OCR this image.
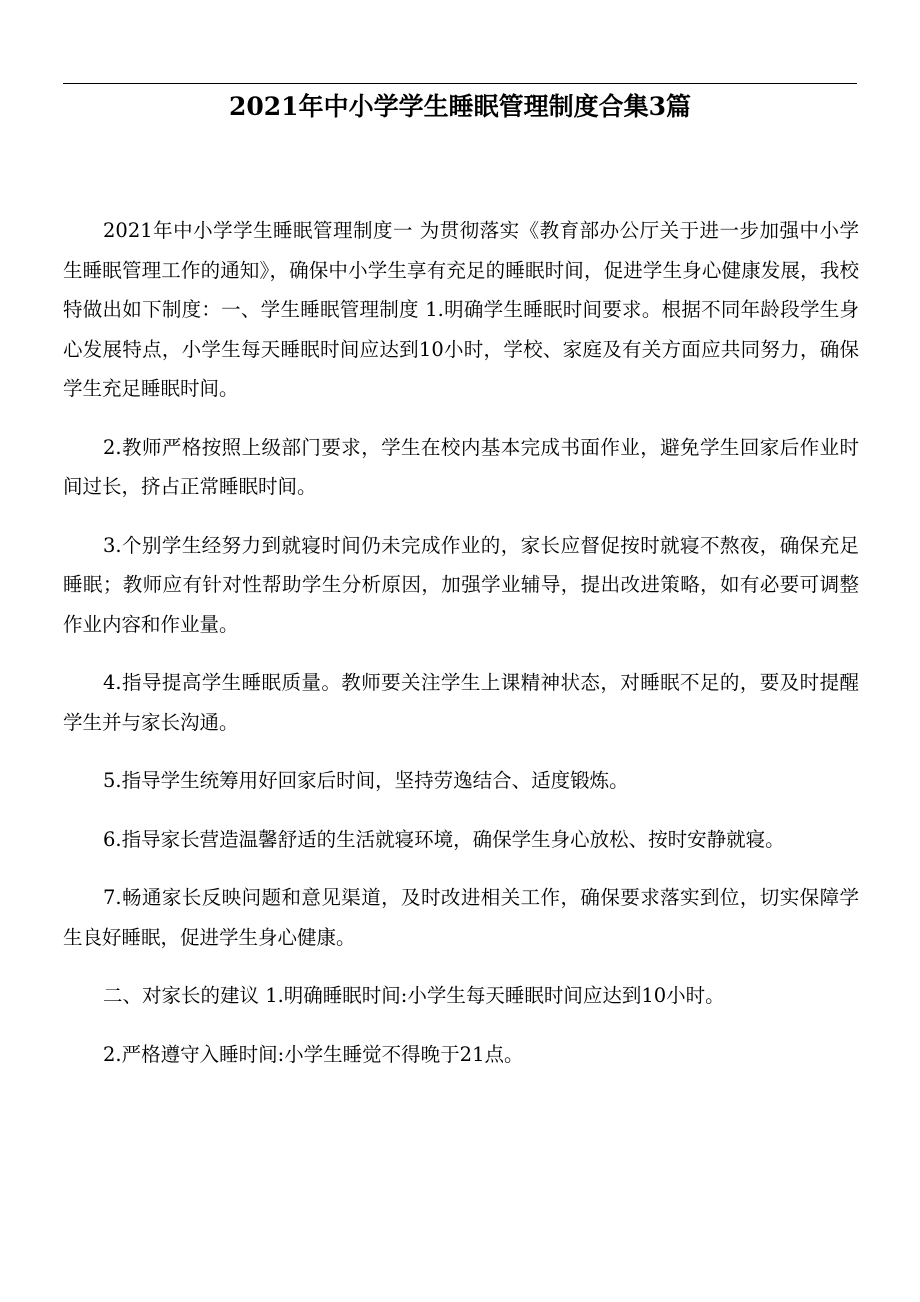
2021年中小学学生睡眠管理制度合集3篇

2021年中小学学生睡眠管理制度一 为贯彻落实《教育部办公厅关于进一步加强中小学生睡眠管理工作的通知》，确保中小学生享有充足的睡眠时间，促进学生身心健康发展，我校特做出如下制度：一、学生睡眠管理制度 1.明确学生睡眠时间要求。根据不同年龄段学生身心发展特点，小学生每天睡眠时间应达到10小时，学校、家庭及有关方面应共同努力，确保学生充足睡眠时间。

2.教师严格按照上级部门要求，学生在校内基本完成书面作业，避免学生回家后作业时间过长，挤占正常睡眠时间。

3.个别学生经努力到就寝时间仍未完成作业的，家长应督促按时就寝不熬夜，确保充足睡眠；教师应有针对性帮助学生分析原因，加强学业辅导，提出改进策略，如有必要可调整作业内容和作业量。

4.指导提高学生睡眠质量。教师要关注学生上课精神状态，对睡眠不足的，要及时提醒学生并与家长沟通。

5.指导学生统筹用好回家后时间，坚持劳逸结合、适度锻炼。

6.指导家长营造温馨舒适的生活就寝环境，确保学生身心放松、按时安静就寝。

7.畅通家长反映问题和意见渠道，及时改进相关工作，确保要求落实到位，切实保障学生良好睡眠，促进学生身心健康。

二、对家长的建议 1.明确睡眠时间:小学生每天睡眠时间应达到10小时。

2.严格遵守入睡时间:小学生睡觉不得晚于21点。
